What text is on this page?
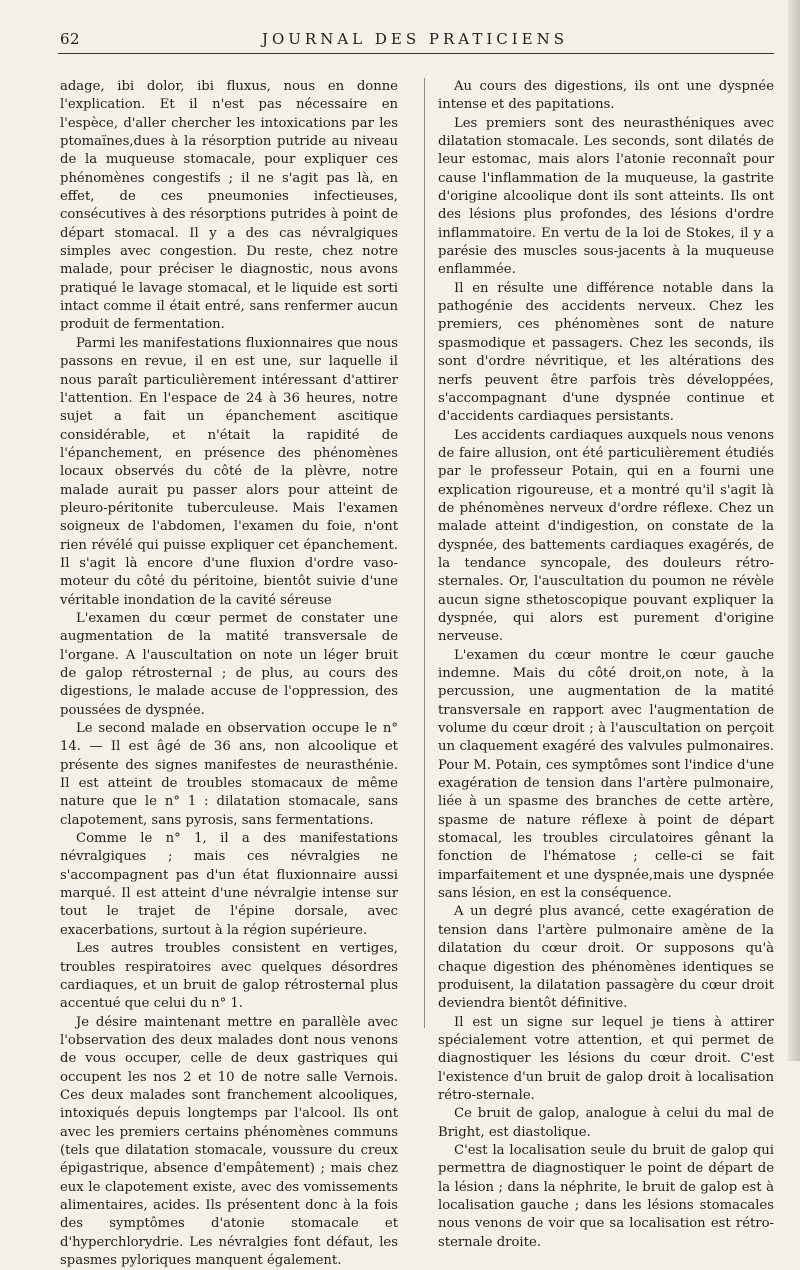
62	JOURNAL DES PRATICIENS

adage, ibi dolor, ibi fluxus, nous en donne l'explication. Et il n'est pas nécessaire en l'espèce, d'aller chercher les intoxications par les ptomaïnes,dues à la résorption putride au niveau de la muqueuse stomacale, pour expliquer ces phénomènes congestifs ; il ne s'agit pas là, en effet, de ces pneumonies infectieuses, consécutives à des résorptions putrides à point de départ stomacal. Il y a des cas névralgiques simples avec congestion. Du reste, chez notre malade, pour préciser le diagnostic, nous avons pratiqué le lavage stomacal, et le liquide est sorti intact comme il était entré, sans renfermer aucun produit de fermentation.

Parmi les manifestations fluxionnaires que nous passons en revue, il en est une, sur laquelle il nous paraît particulièrement intéressant d'attirer l'attention. En l'espace de 24 à 36 heures, notre sujet a fait un épanchement ascitique considérable, et n'était la rapidité de l'épanchement, en présence des phénomènes locaux observés du côté de la plèvre, notre malade aurait pu passer alors pour atteint de pleuro-péritonite tuberculeuse. Mais l'examen soigneux de l'abdomen, l'examen du foie, n'ont rien révélé qui puisse expliquer cet épanchement. Il s'agit là encore d'une fluxion d'ordre vaso-moteur du côté du péritoine, bientôt suivie d'une véritable inondation de la cavité séreuse

L'examen du cœur permet de constater une augmentation de la matité transversale de l'organe. A l'auscultation on note un léger bruit de galop rétrosternal ; de plus, au cours des digestions, le malade accuse de l'oppression, des poussées de dyspnée.

Le second malade en observation occupe le n° 14. — Il est âgé de 36 ans, non alcoolique et présente des signes manifestes de neurasthénie. Il est atteint de troubles stomacaux de même nature que le n° 1 : dilatation stomacale, sans clapotement, sans pyrosis, sans fermentations.

Comme le n° 1, il a des manifestations névralgiques ; mais ces névralgies ne s'accompagnent pas d'un état fluxionnaire aussi marqué. Il est atteint d'une névralgie intense sur tout le trajet de l'épine dorsale, avec exacerbations, surtout à la région supérieure.

Les autres troubles consistent en vertiges, troubles respiratoires avec quelques désordres cardiaques, et un bruit de galop rétrosternal plus accentué que celui du n° 1.

Je désire maintenant mettre en parallèle avec l'observation des deux malades dont nous venons de vous occuper, celle de deux gastriques qui occupent les nos 2 et 10 de notre salle Vernois. Ces deux malades sont franchement alcooliques, intoxiqués depuis longtemps par l'alcool. Ils ont avec les premiers certains phénomènes communs (tels que dilatation stomacale, voussure du creux épigastrique, absence d'empâtement) ; mais chez eux le clapotement existe, avec des vomissements alimentaires, acides. Ils présentent donc à la fois des symptômes d'atonie stomacale et d'hyperchlorydrie. Les névralgies font défaut, les spasmes pyloriques manquent également.

Au cours des digestions, ils ont une dyspnée intense et des papitations.

Les premiers sont des neurasthéniques avec dilatation stomacale. Les seconds, sont dilatés de leur estomac, mais alors l'atonie reconnaît pour cause l'inflammation de la muqueuse, la gastrite d'origine alcoolique dont ils sont atteints. Ils ont des lésions plus profondes, des lésions d'ordre inflammatoire. En vertu de la loi de Stokes, il y a parésie des muscles sous-jacents à la muqueuse enflammée.

Il en résulte une différence notable dans la pathogénie des accidents nerveux. Chez les premiers, ces phénomènes sont de nature spasmodique et passagers. Chez les seconds, ils sont d'ordre névritique, et les altérations des nerfs peuvent être parfois très développées, s'accompagnant d'une dyspnée continue et d'accidents cardiaques persistants.

Les accidents cardiaques auxquels nous venons de faire allusion, ont été particulièrement étudiés par le professeur Potain, qui en a fourni une explication rigoureuse, et a montré qu'il s'agit là de phénomènes nerveux d'ordre réflexe. Chez un malade atteint d'indigestion, on constate de la dyspnée, des battements cardiaques exagérés, de la tendance syncopale, des douleurs rétro-sternales. Or, l'auscultation du poumon ne révèle aucun signe sthetoscopique pouvant expliquer la dyspnée, qui alors est purement d'origine nerveuse.

L'examen du cœur montre le cœur gauche indemne. Mais du côté droit,on note, à la percussion, une augmentation de la matité transversale en rapport avec l'augmentation de volume du cœur droit ; à l'auscultation on perçoit un claquement exagéré des valvules pulmonaires. Pour M. Potain, ces symptômes sont l'indice d'une exagération de tension dans l'artère pulmonaire, liée à un spasme des branches de cette artère, spasme de nature réflexe à point de départ stomacal, les troubles circulatoires gênant la fonction de l'hématose ; celle-ci se fait imparfaitement et une dyspnée,mais une dyspnée sans lésion, en est la conséquence.

A un degré plus avancé, cette exagération de tension dans l'artère pulmonaire amène de la dilatation du cœur droit. Or supposons qu'à chaque digestion des phénomènes identiques se produisent, la dilatation passagère du cœur droit deviendra bientôt définitive.

Il est un signe sur lequel je tiens à attirer spécialement votre attention, et qui permet de diagnostiquer les lésions du cœur droit. C'est l'existence d'un bruit de galop droit à localisation rétro-sternale.

Ce bruit de galop, analogue à celui du mal de Bright, est diastolique.

C'est la localisation seule du bruit de galop qui permettra de diagnostiquer le point de départ de la lésion ; dans la néphrite, le bruit de galop est à localisation gauche ; dans les lésions stomacales nous venons de voir que sa localisation est rétro-sternale droite.
